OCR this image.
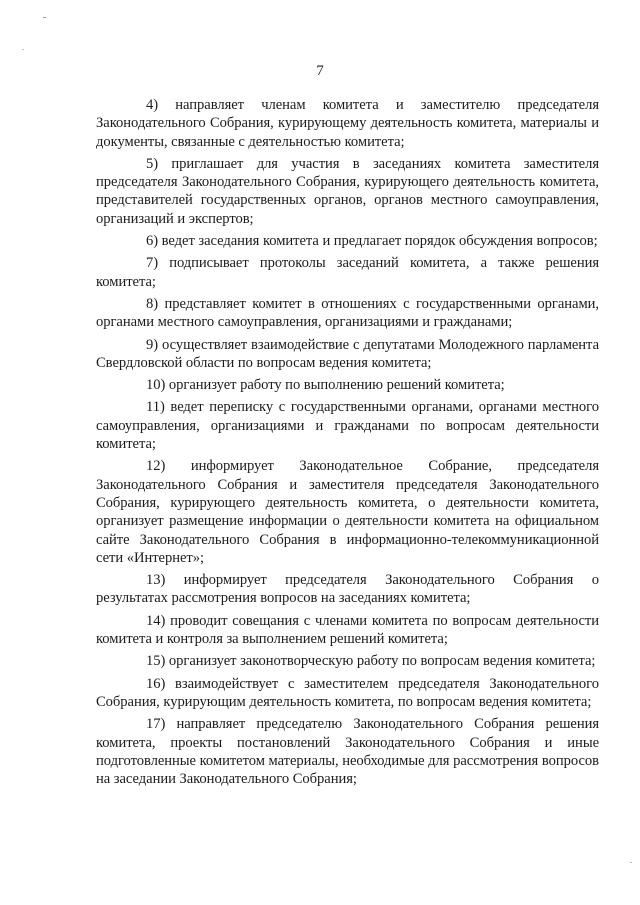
7

4) направляет членам комитета и заместителю председателя Законодательного Собрания, курирующему деятельность комитета, материалы и документы, связанные с деятельностью комитета;

5) приглашает для участия в заседаниях комитета заместителя председателя Законодательного Собрания, курирующего деятельность комитета, представителей государственных органов, органов местного самоуправления, организаций и экспертов;

6) ведет заседания комитета и предлагает порядок обсуждения вопросов;

7) подписывает протоколы заседаний комитета, а также решения комитета;

8) представляет комитет в отношениях с государственными органами, органами местного самоуправления, организациями и гражданами;

9) осуществляет взаимодействие с депутатами Молодежного парламента Свердловской области по вопросам ведения комитета;

10) организует работу по выполнению решений комитета;

11) ведет переписку с государственными органами, органами местного самоуправления, организациями и гражданами по вопросам деятельности комитета;

12) информирует Законодательное Собрание, председателя Законодательного Собрания и заместителя председателя Законодательного Собрания, курирующего деятельность комитета, о деятельности комитета, организует размещение информации о деятельности комитета на официальном сайте Законодательного Собрания в информационно-телекоммуникационной сети «Интернет»;

13) информирует председателя Законодательного Собрания о результатах рассмотрения вопросов на заседаниях комитета;

14) проводит совещания с членами комитета по вопросам деятельности комитета и контроля за выполнением решений комитета;

15) организует законотворческую работу по вопросам ведения комитета;

16) взаимодействует с заместителем председателя Законодательного Собрания, курирующим деятельность комитета, по вопросам ведения комитета;

17) направляет председателю Законодательного Собрания решения комитета, проекты постановлений Законодательного Собрания и иные подготовленные комитетом материалы, необходимые для рассмотрения вопросов на заседании Законодательного Собрания;
